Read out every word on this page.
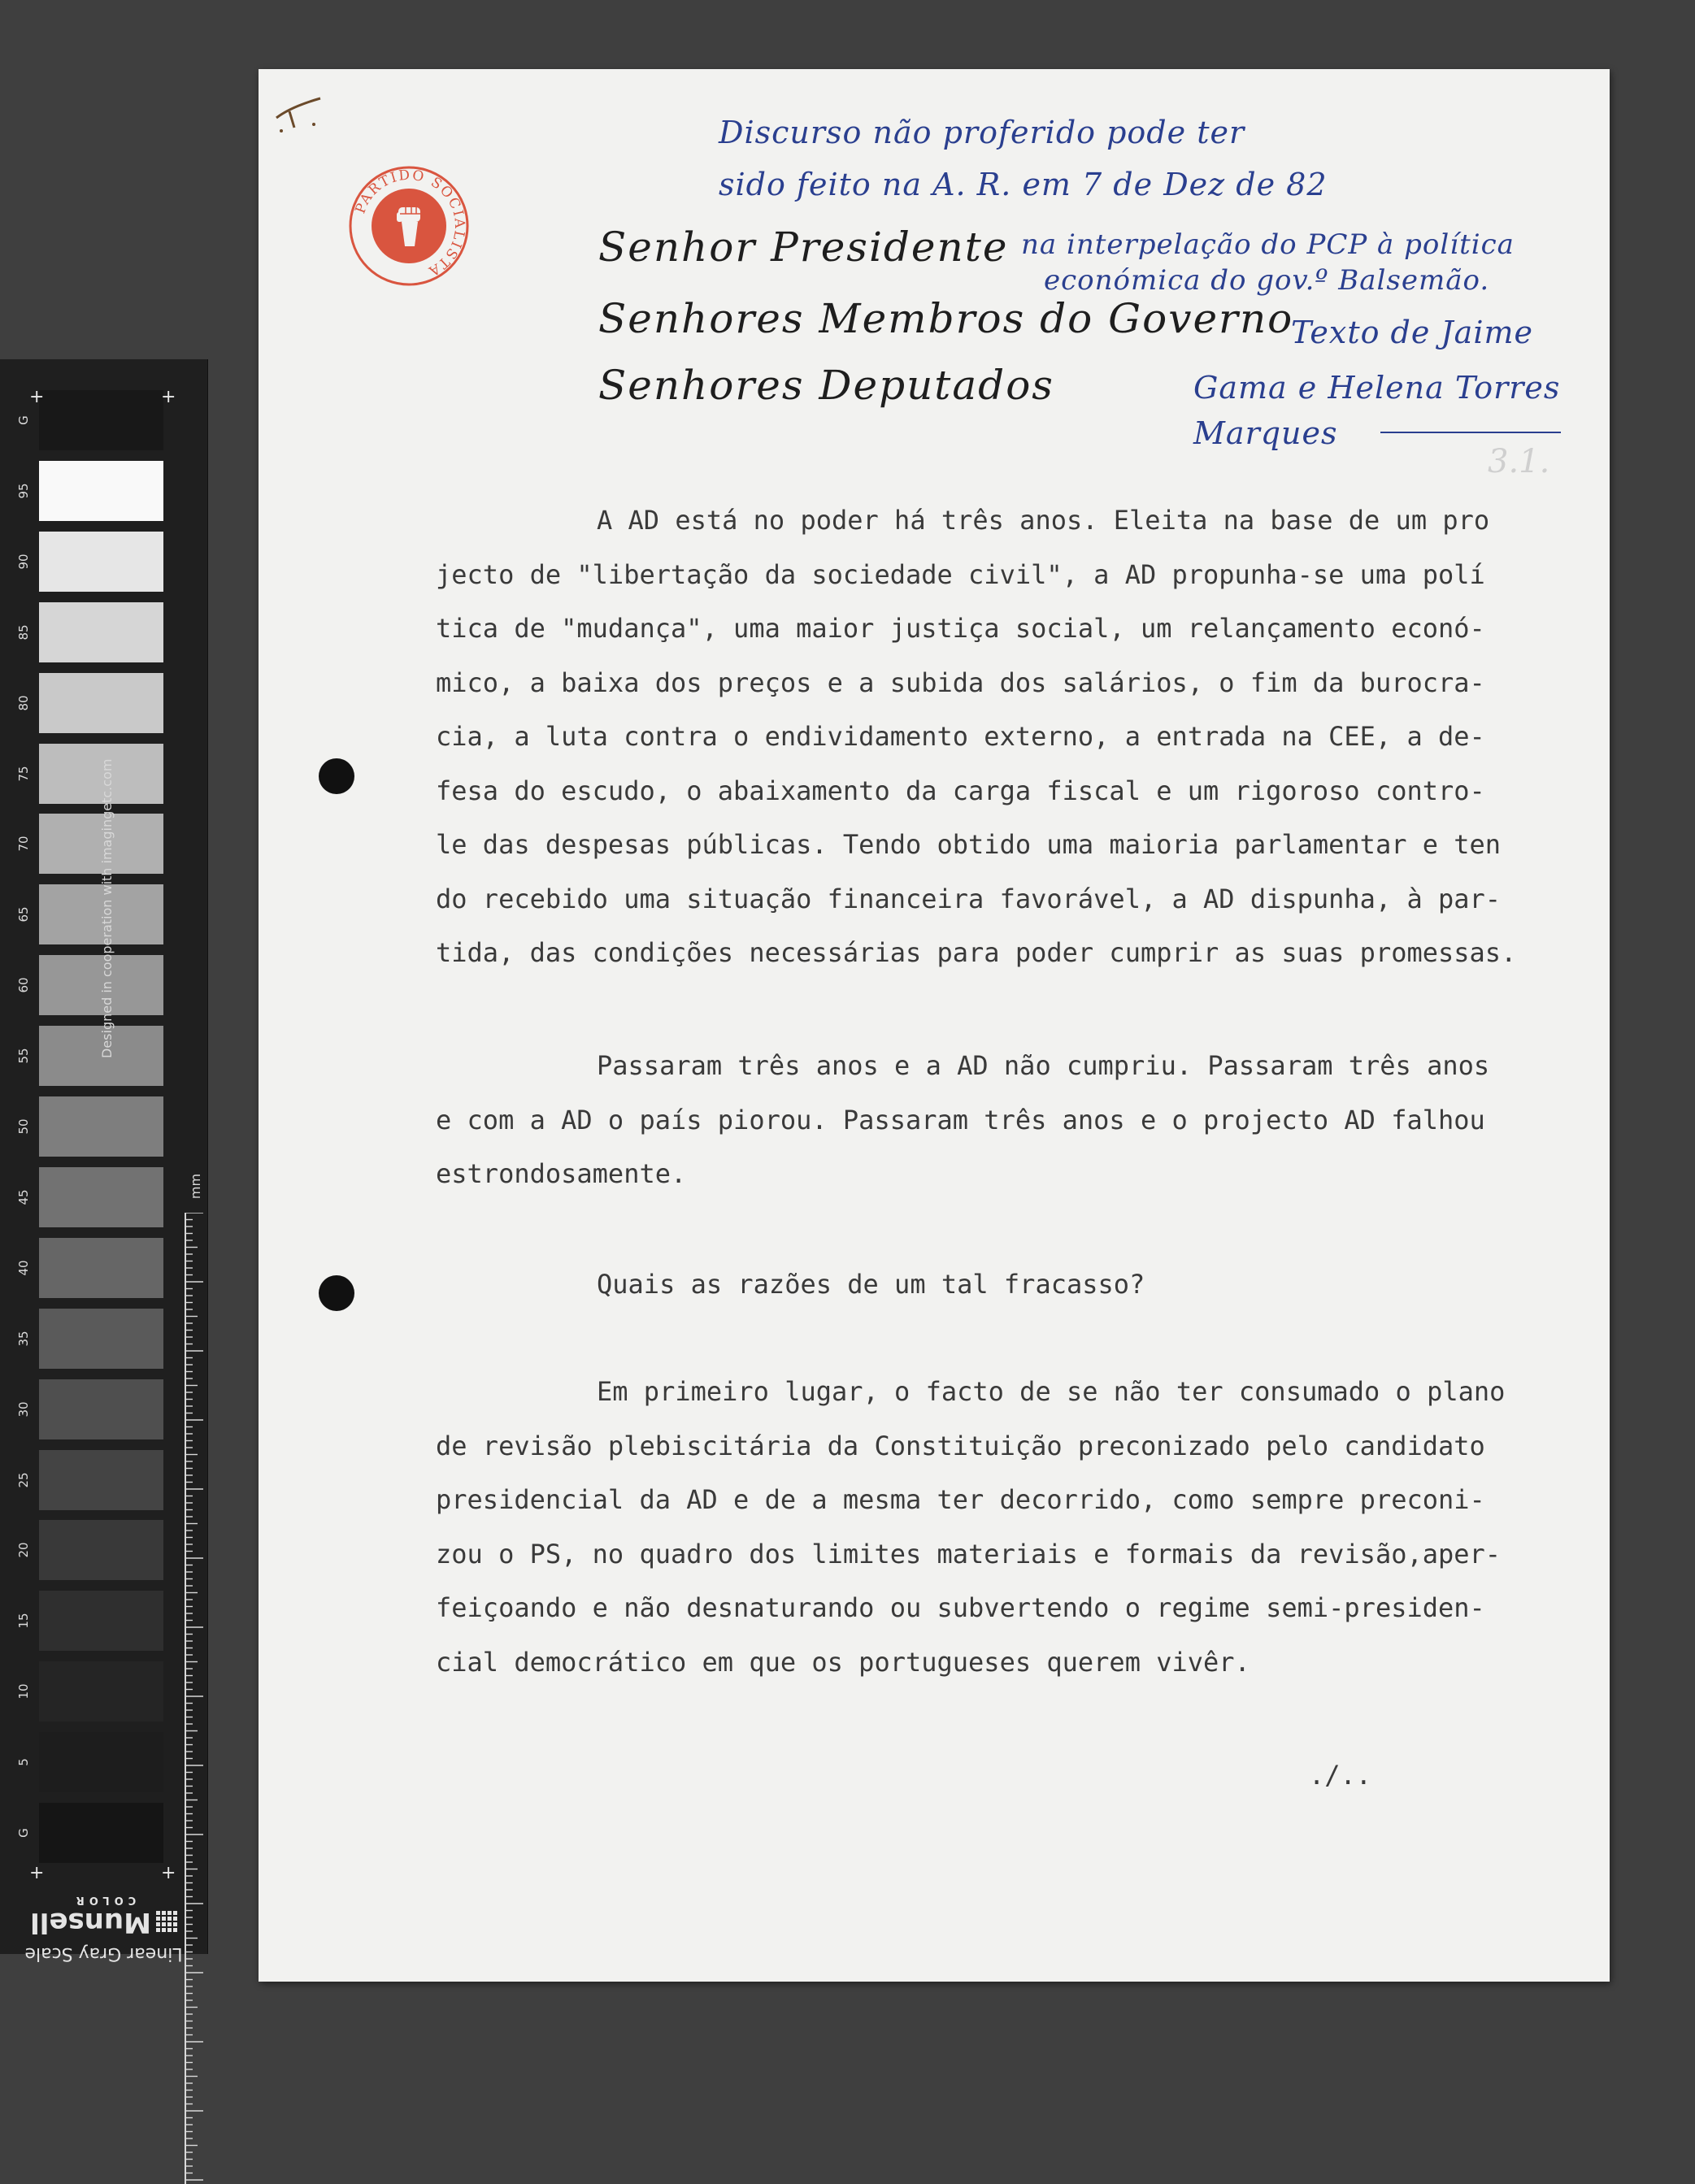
G
95
90
85
80
75
70
65
60
55
50
45
40
35
30
25
20
15
10
5
G
+	+
+	+
Designed in cooperation with imagingetc.com
mm
Linear Gray Scale
Munsell
COLOR
PARTIDO SOCIALISTA	Senhor Presidente
Senhores Membros do Governo
Senhores Deputados
Discurso não proferido pode ter
sido feito na A. R. em 7 de Dez de 82
na interpelação do PCP à política
económica do gov.º Balsemão.
Texto de Jaime
Gama e Helena Torres
Marques
3.1.
A AD está no poder há três anos. Eleita na base de um pro
jecto de "libertação da sociedade civil", a AD propunha-se uma polí
tica de "mudança", uma maior justiça social, um relançamento econó-
mico, a baixa dos preços e a subida dos salários, o fim da burocra-
cia, a luta contra o endividamento externo, a entrada na CEE, a de-
fesa do escudo, o abaixamento da carga fiscal e um rigoroso contro-
le das despesas públicas. Tendo obtido uma maioria parlamentar e ten
do recebido uma situação financeira favorável, a AD dispunha, à par-
tida, das condições necessárias para poder cumprir as suas promessas.
Passaram três anos e a AD não cumpriu. Passaram três anos
e com a AD o país piorou. Passaram três anos e o projecto AD falhou
estrondosamente.
Quais as razões de um tal fracasso?
Em primeiro lugar, o facto de se não ter consumado o plano
de revisão plebiscitária da Constituição preconizado pelo candidato
presidencial da AD e de a mesma ter decorrido, como sempre preconi-
zou o PS, no quadro dos limites materiais e formais da revisão,aper-
feiçoando e não desnaturando ou subvertendo o regime semi-presiden-
cial democrático em que os portugueses querem vivêr.
./..
